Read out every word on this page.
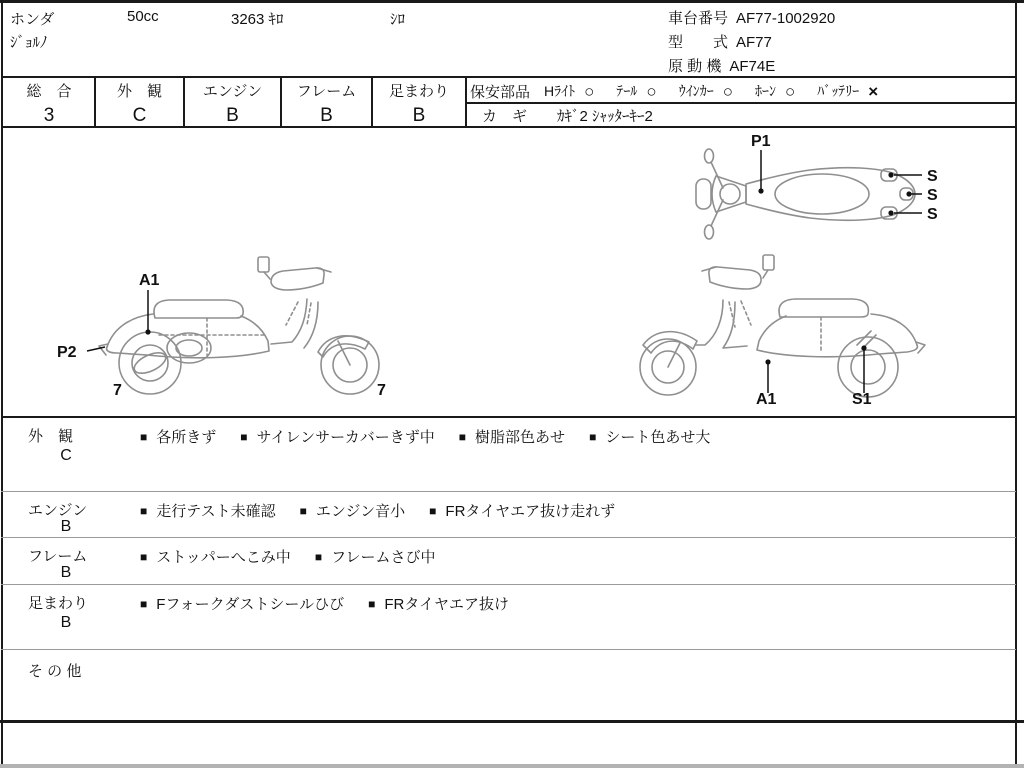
ホンダ
ｼﾞｮﾙﾉ
50cc	3263 ｷﾛ	ｼﾛ	車台番号 AF77-1002920
型　　式 AF77
原 動 機 AF74E
総　合
3
外　観
C
エンジン
B
フレーム
B
足まわり
B
保安部品 Hﾗｲﾄ ○ ﾃｰﾙ ○ ｳｲﾝｶｰ ○ ﾎｰﾝ ○ ﾊﾞｯﾃﾘｰ ×
カ　ギ ｶｷﾞ2 ｼｬｯﾀｰｷｰ2
P1
S
S
S
A1
P2
7	7
A1	S1
外　観
C
■ 各所きず ■ サイレンサーカバーきず中 ■ 樹脂部色あせ ■ シート色あせ大
エンジン
B
■ 走行テスト未確認 ■ エンジン音小 ■ FRタイヤエア抜け走れず
フレーム
B
■ ストッパーへこみ中 ■ フレームさび中
足まわり
B
■ Fフォークダストシールひび ■ FRタイヤエア抜け
そ の 他
